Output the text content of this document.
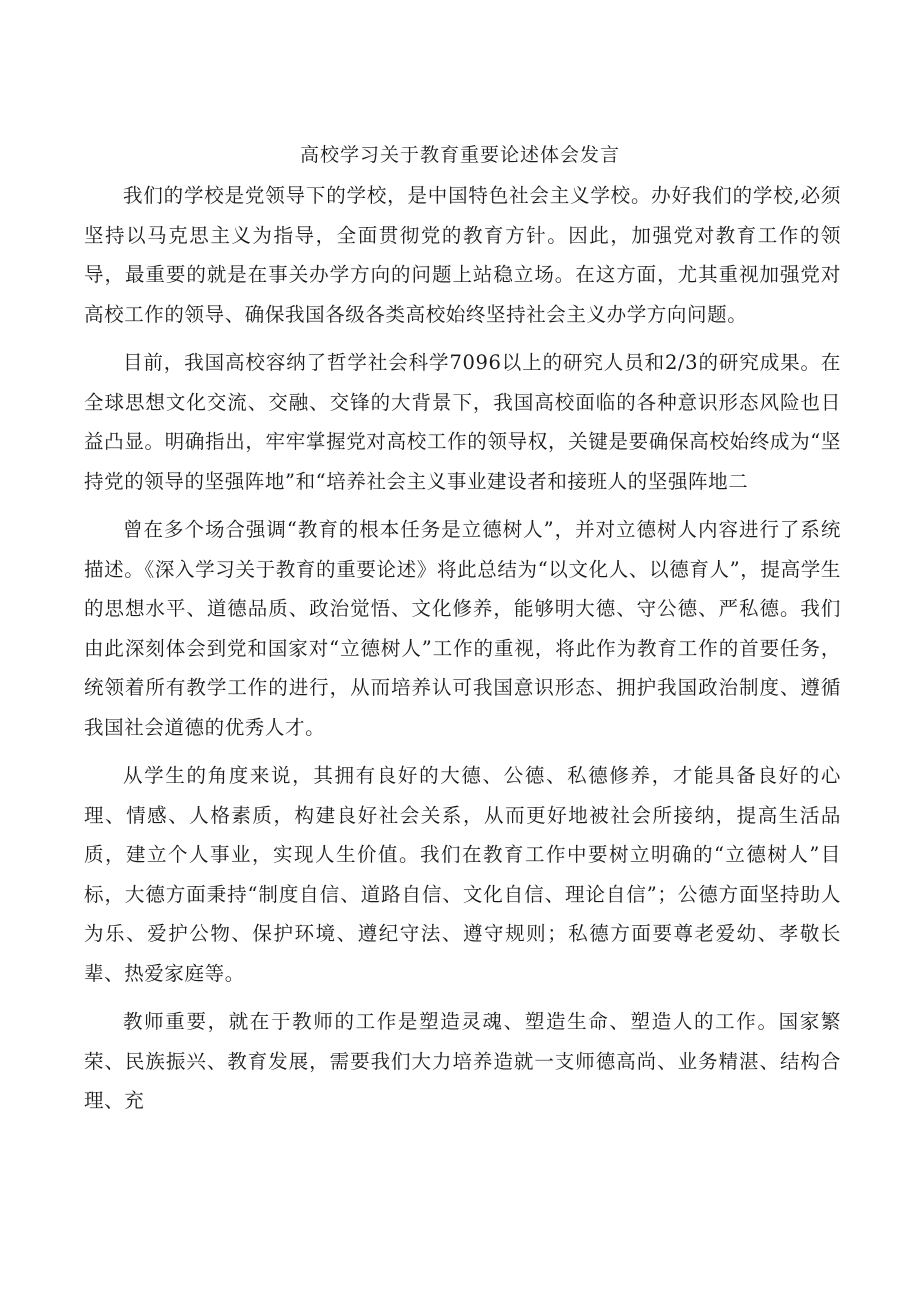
高校学习关于教育重要论述体会发言

我们的学校是党领导下的学校，是中国特色社会主义学校。办好我们的学校,必须坚持以马克思主义为指导，全面贯彻党的教育方针。因此，加强党对教育工作的领导，最重要的就是在事关办学方向的问题上站稳立场。在这方面，尤其重视加强党对高校工作的领导、确保我国各级各类高校始终坚持社会主义办学方向问题。

目前，我国高校容纳了哲学社会科学7096以上的研究人员和2/3的研究成果。在全球思想文化交流、交融、交锋的大背景下，我国高校面临的各种意识形态风险也日益凸显。明确指出，牢牢掌握党对高校工作的领导权，关键是要确保高校始终成为“坚持党的领导的坚强阵地”和“培养社会主义事业建设者和接班人的坚强阵地二

曾在多个场合强调“教育的根本任务是立德树人”，并对立德树人内容进行了系统描述。《深入学习关于教育的重要论述》将此总结为“以文化人、以德育人”，提高学生的思想水平、道德品质、政治觉悟、文化修养，能够明大德、守公德、严私德。我们由此深刻体会到党和国家对“立德树人”工作的重视，将此作为教育工作的首要任务，统领着所有教学工作的进行，从而培养认可我国意识形态、拥护我国政治制度、遵循我国社会道德的优秀人才。

从学生的角度来说，其拥有良好的大德、公德、私德修养，才能具备良好的心理、情感、人格素质，构建良好社会关系，从而更好地被社会所接纳，提高生活品质，建立个人事业，实现人生价值。我们在教育工作中要树立明确的“立德树人”目标，大德方面秉持“制度自信、道路自信、文化自信、理论自信”；公德方面坚持助人为乐、爱护公物、保护环境、遵纪守法、遵守规则；私德方面要尊老爱幼、孝敬长辈、热爱家庭等。

教师重要，就在于教师的工作是塑造灵魂、塑造生命、塑造人的工作。国家繁荣、民族振兴、教育发展，需要我们大力培养造就一支师德高尚、业务精湛、结构合理、充
